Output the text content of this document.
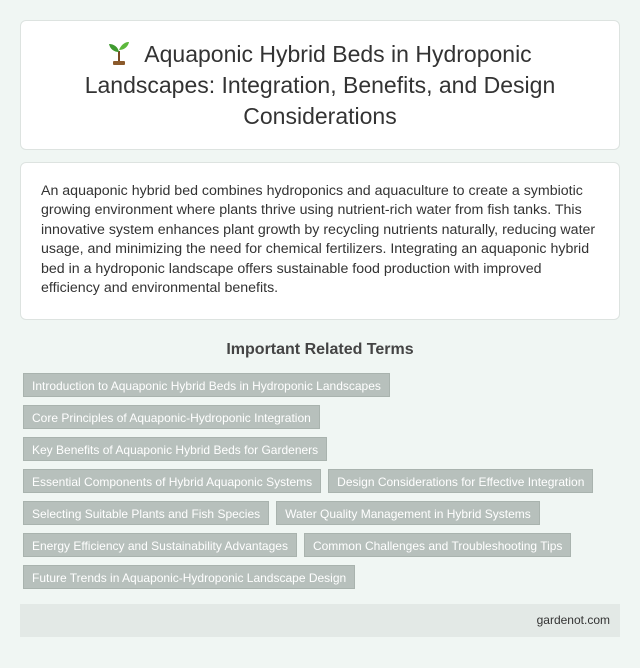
Aquaponic Hybrid Beds in Hydroponic Landscapes: Integration, Benefits, and Design Considerations

An aquaponic hybrid bed combines hydroponics and aquaculture to create a symbiotic growing environment where plants thrive using nutrient-rich water from fish tanks. This innovative system enhances plant growth by recycling nutrients naturally, reducing water usage, and minimizing the need for chemical fertilizers. Integrating an aquaponic hybrid bed in a hydroponic landscape offers sustainable food production with improved efficiency and environmental benefits.

Important Related Terms
Introduction to Aquaponic Hybrid Beds in Hydroponic Landscapes
Core Principles of Aquaponic-Hydroponic Integration
Key Benefits of Aquaponic Hybrid Beds for Gardeners
Essential Components of Hybrid Aquaponic Systems	Design Considerations for Effective Integration
Selecting Suitable Plants and Fish Species	Water Quality Management in Hybrid Systems
Energy Efficiency and Sustainability Advantages	Common Challenges and Troubleshooting Tips
Future Trends in Aquaponic-Hydroponic Landscape Design
gardenot.com
